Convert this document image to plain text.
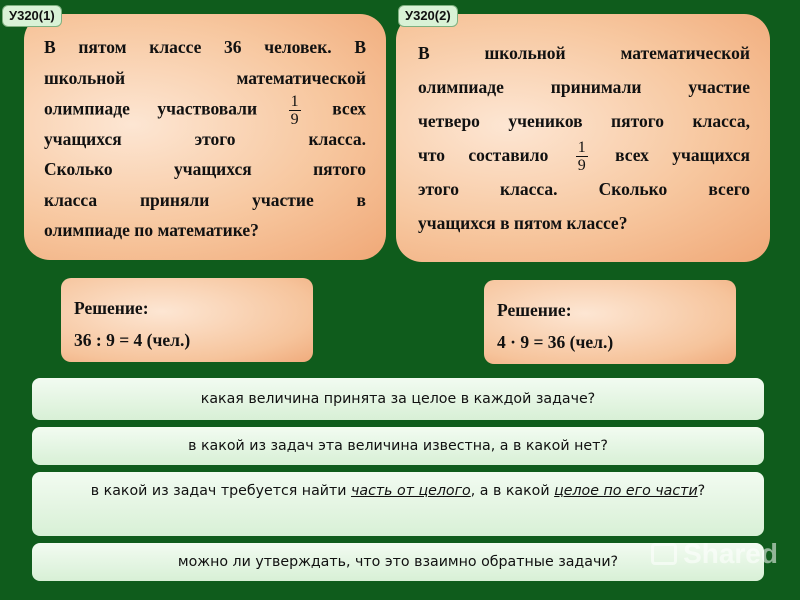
У320(1)
В пятом классе 36 человек. В
школьной математической
олимпиаде участвовали $\frac{1}{9}$ всех
учащихся этого класса.
Сколько учащихся пятого
класса приняли участие в
олимпиаде по математике?
У320(2)
В школьной математической
олимпиаде принимали участие
четверо учеников пятого класса,
что составило $\frac{1}{9}$ всех учащихся
этого класса. Сколько всего
учащихся в пятом классе?
Решение:
36 : 9 = 4 (чел.)
Решение:
4 · 9 = 36 (чел.)
какая величина принята за целое в каждой задаче?
в какой из задач эта величина известна, а в какой нет?
в какой из задач требуется найти часть от целого, а в какой целое по его части?
можно ли утверждать, что это взаимно обратные задачи?	Shared
